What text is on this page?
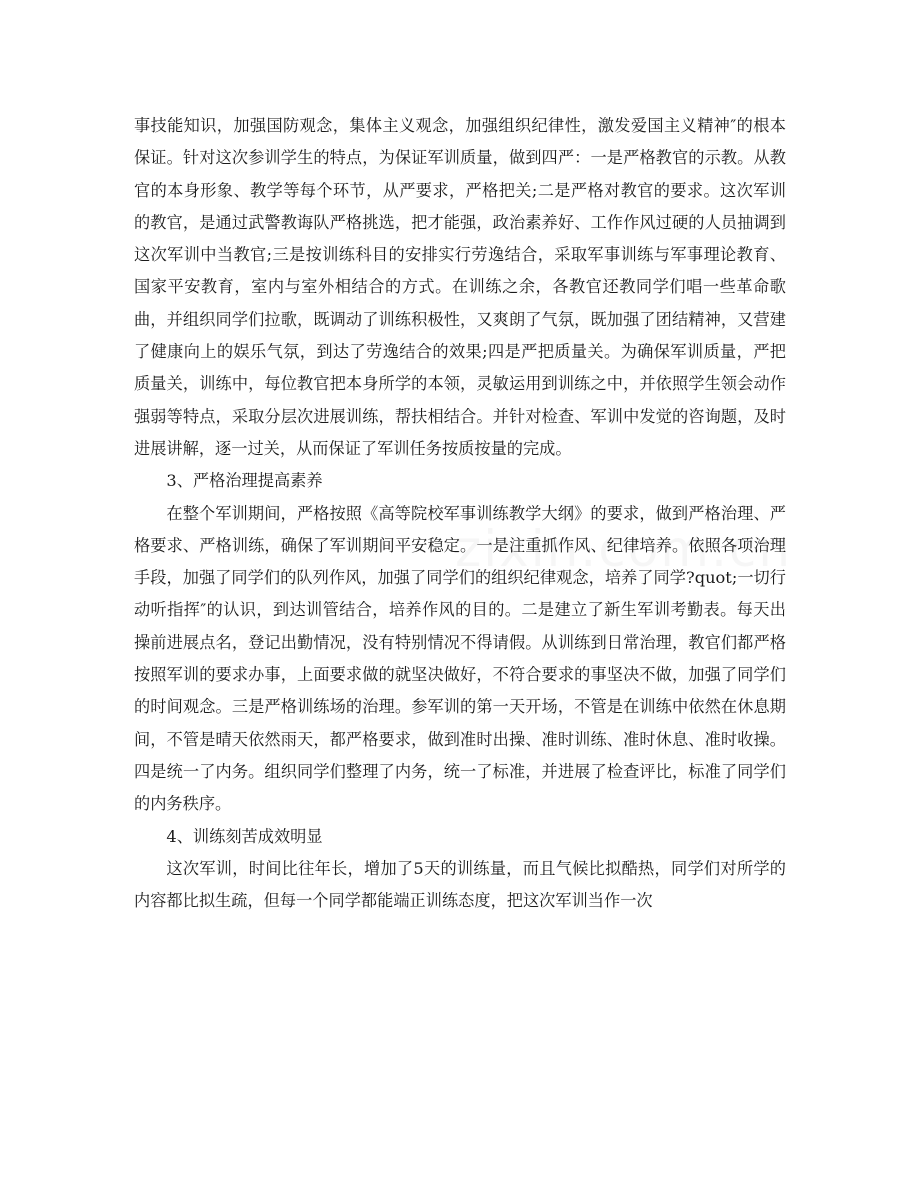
事技能知识，加强国防观念，集体主义观念，加强组织纪律性，激发爱国主义精神″的根本保证。针对这次参训学生的特点，为保证军训质量，做到四严：一是严格教官的示教。从教官的本身形象、教学等每个环节，从严要求，严格把关;二是严格对教官的要求。这次军训的教官，是通过武警教诲队严格挑选，把才能强，政治素养好、工作作风过硬的人员抽调到这次军训中当教官;三是按训练科目的安排实行劳逸结合，采取军事训练与军事理论教育、国家平安教育，室内与室外相结合的方式。在训练之余，各教官还教同学们唱一些革命歌曲，并组织同学们拉歌，既调动了训练积极性，又爽朗了气氛，既加强了团结精神，又营建了健康向上的娱乐气氛，到达了劳逸结合的效果;四是严把质量关。为确保军训质量，严把质量关，训练中，每位教官把本身所学的本领，灵敏运用到训练之中，并依照学生领会动作强弱等特点，采取分层次进展训练，帮扶相结合。并针对检查、军训中发觉的咨询题，及时进展讲解，逐一过关，从而保证了军训任务按质按量的完成。

3、严格治理提高素养

在整个军训期间，严格按照《高等院校军事训练教学大纲》的要求，做到严格治理、严格要求、严格训练，确保了军训期间平安稳定。一是注重抓作风、纪律培养。依照各项治理手段，加强了同学们的队列作风，加强了同学们的组织纪律观念，培养了同学?quot;一切行动听指挥″的认识，到达训管结合，培养作风的目的。二是建立了新生军训考勤表。每天出操前进展点名，登记出勤情况，没有特别情况不得请假。从训练到日常治理，教官们都严格按照军训的要求办事，上面要求做的就坚决做好，不符合要求的事坚决不做，加强了同学们的时间观念。三是严格训练场的治理。参军训的第一天开场，不管是在训练中依然在休息期间，不管是晴天依然雨天，都严格要求，做到准时出操、准时训练、准时休息、准时收操。四是统一了内务。组织同学们整理了内务，统一了标准，并进展了检查评比，标准了同学们的内务秩序。

4、训练刻苦成效明显

这次军训，时间比往年长，增加了5天的训练量，而且气候比拟酷热，同学们对所学的内容都比拟生疏，但每一个同学都能端正训练态度，把这次军训当作一次
